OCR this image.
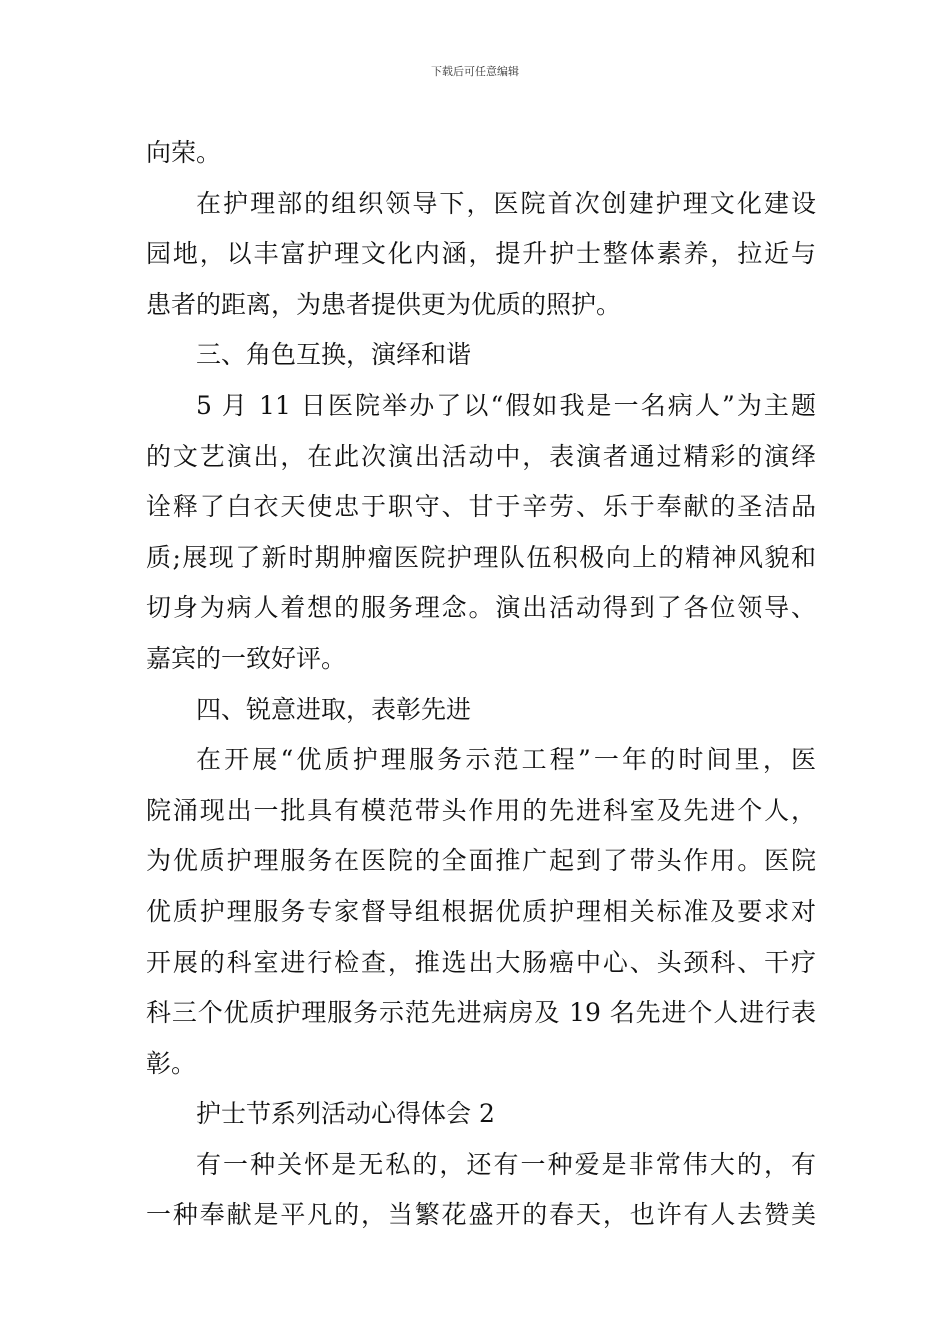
下载后可任意编辑

向荣。

在护理部的组织领导下，医院首次创建护理文化建设
园地，以丰富护理文化内涵，提升护士整体素养，拉近与
患者的距离，为患者提供更为优质的照护。

三、角色互换，演绎和谐

5 月 11 日医院举办了以“假如我是一名病人”为主题
的文艺演出，在此次演出活动中，表演者通过精彩的演绎
诠释了白衣天使忠于职守、甘于辛劳、乐于奉献的圣洁品
质;展现了新时期肿瘤医院护理队伍积极向上的精神风貌和
切身为病人着想的服务理念。演出活动得到了各位领导、
嘉宾的一致好评。

四、锐意进取，表彰先进

在开展“优质护理服务示范工程”一年的时间里，医
院涌现出一批具有模范带头作用的先进科室及先进个人，
为优质护理服务在医院的全面推广起到了带头作用。医院
优质护理服务专家督导组根据优质护理相关标准及要求对
开展的科室进行检查，推选出大肠癌中心、头颈科、干疗
科三个优质护理服务示范先进病房及 19 名先进个人进行表
彰。

护士节系列活动心得体会 2

有一种关怀是无私的，还有一种爱是非常伟大的，有
一种奉献是平凡的，当繁花盛开的春天，也许有人去赞美
